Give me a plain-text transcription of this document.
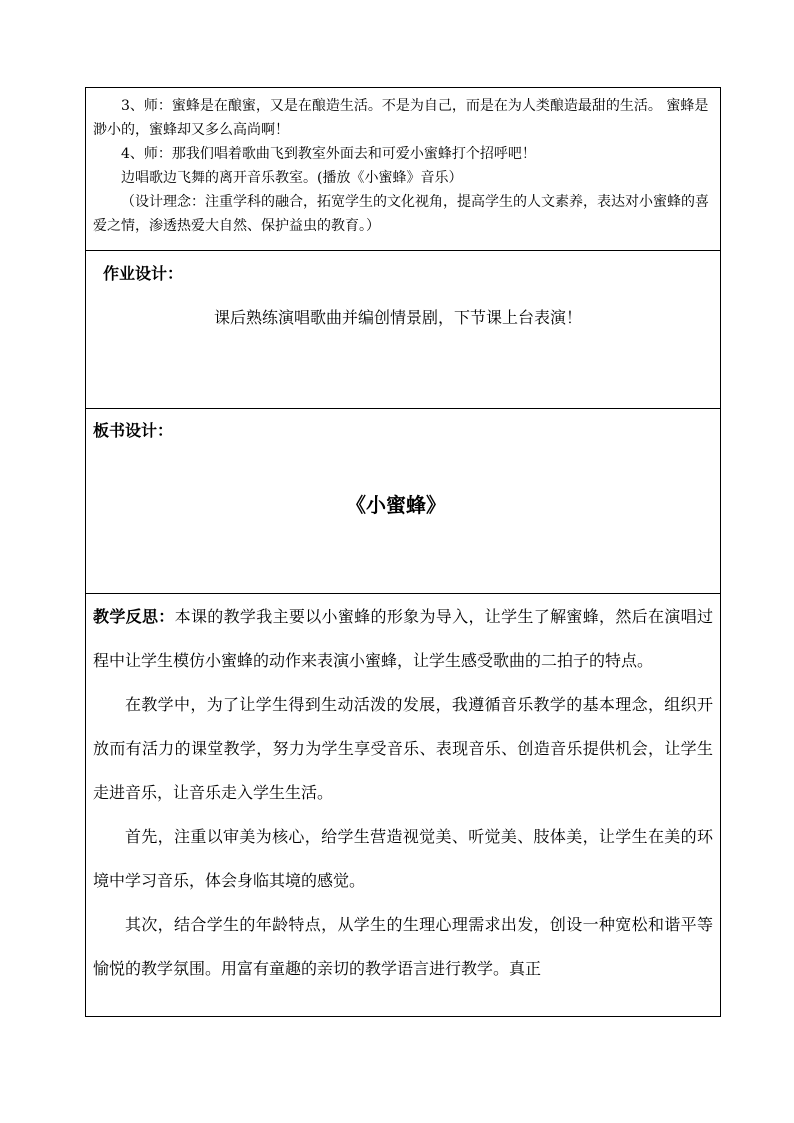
3、师：蜜蜂是在酿蜜，又是在酿造生活。不是为自己，而是在为人类酿造最甜的生活。 蜜蜂是渺小的，蜜蜂却又多么高尚啊！

4、师：那我们唱着歌曲飞到教室外面去和可爱小蜜蜂打个招呼吧！

边唱歌边飞舞的离开音乐教室。(播放《小蜜蜂》音乐）

（设计理念：注重学科的融合，拓宽学生的文化视角，提高学生的人文素养，表达对小蜜蜂的喜爱之情，渗透热爱大自然、保护益虫的教育。）

作业设计：

课后熟练演唱歌曲并编创情景剧，下节课上台表演！

板书设计：

《小蜜蜂》

教学反思：本课的教学我主要以小蜜蜂的形象为导入，让学生了解蜜蜂，然后在演唱过程中让学生模仿小蜜蜂的动作来表演小蜜蜂，让学生感受歌曲的二拍子的特点。

在教学中，为了让学生得到生动活泼的发展，我遵循音乐教学的基本理念，组织开放而有活力的课堂教学，努力为学生享受音乐、表现音乐、创造音乐提供机会，让学生走进音乐，让音乐走入学生生活。

首先，注重以审美为核心，给学生营造视觉美、听觉美、肢体美，让学生在美的环境中学习音乐，体会身临其境的感觉。

其次，结合学生的年龄特点，从学生的生理心理需求出发，创设一种宽松和谐平等愉悦的教学氛围。用富有童趣的亲切的教学语言进行教学。真正
